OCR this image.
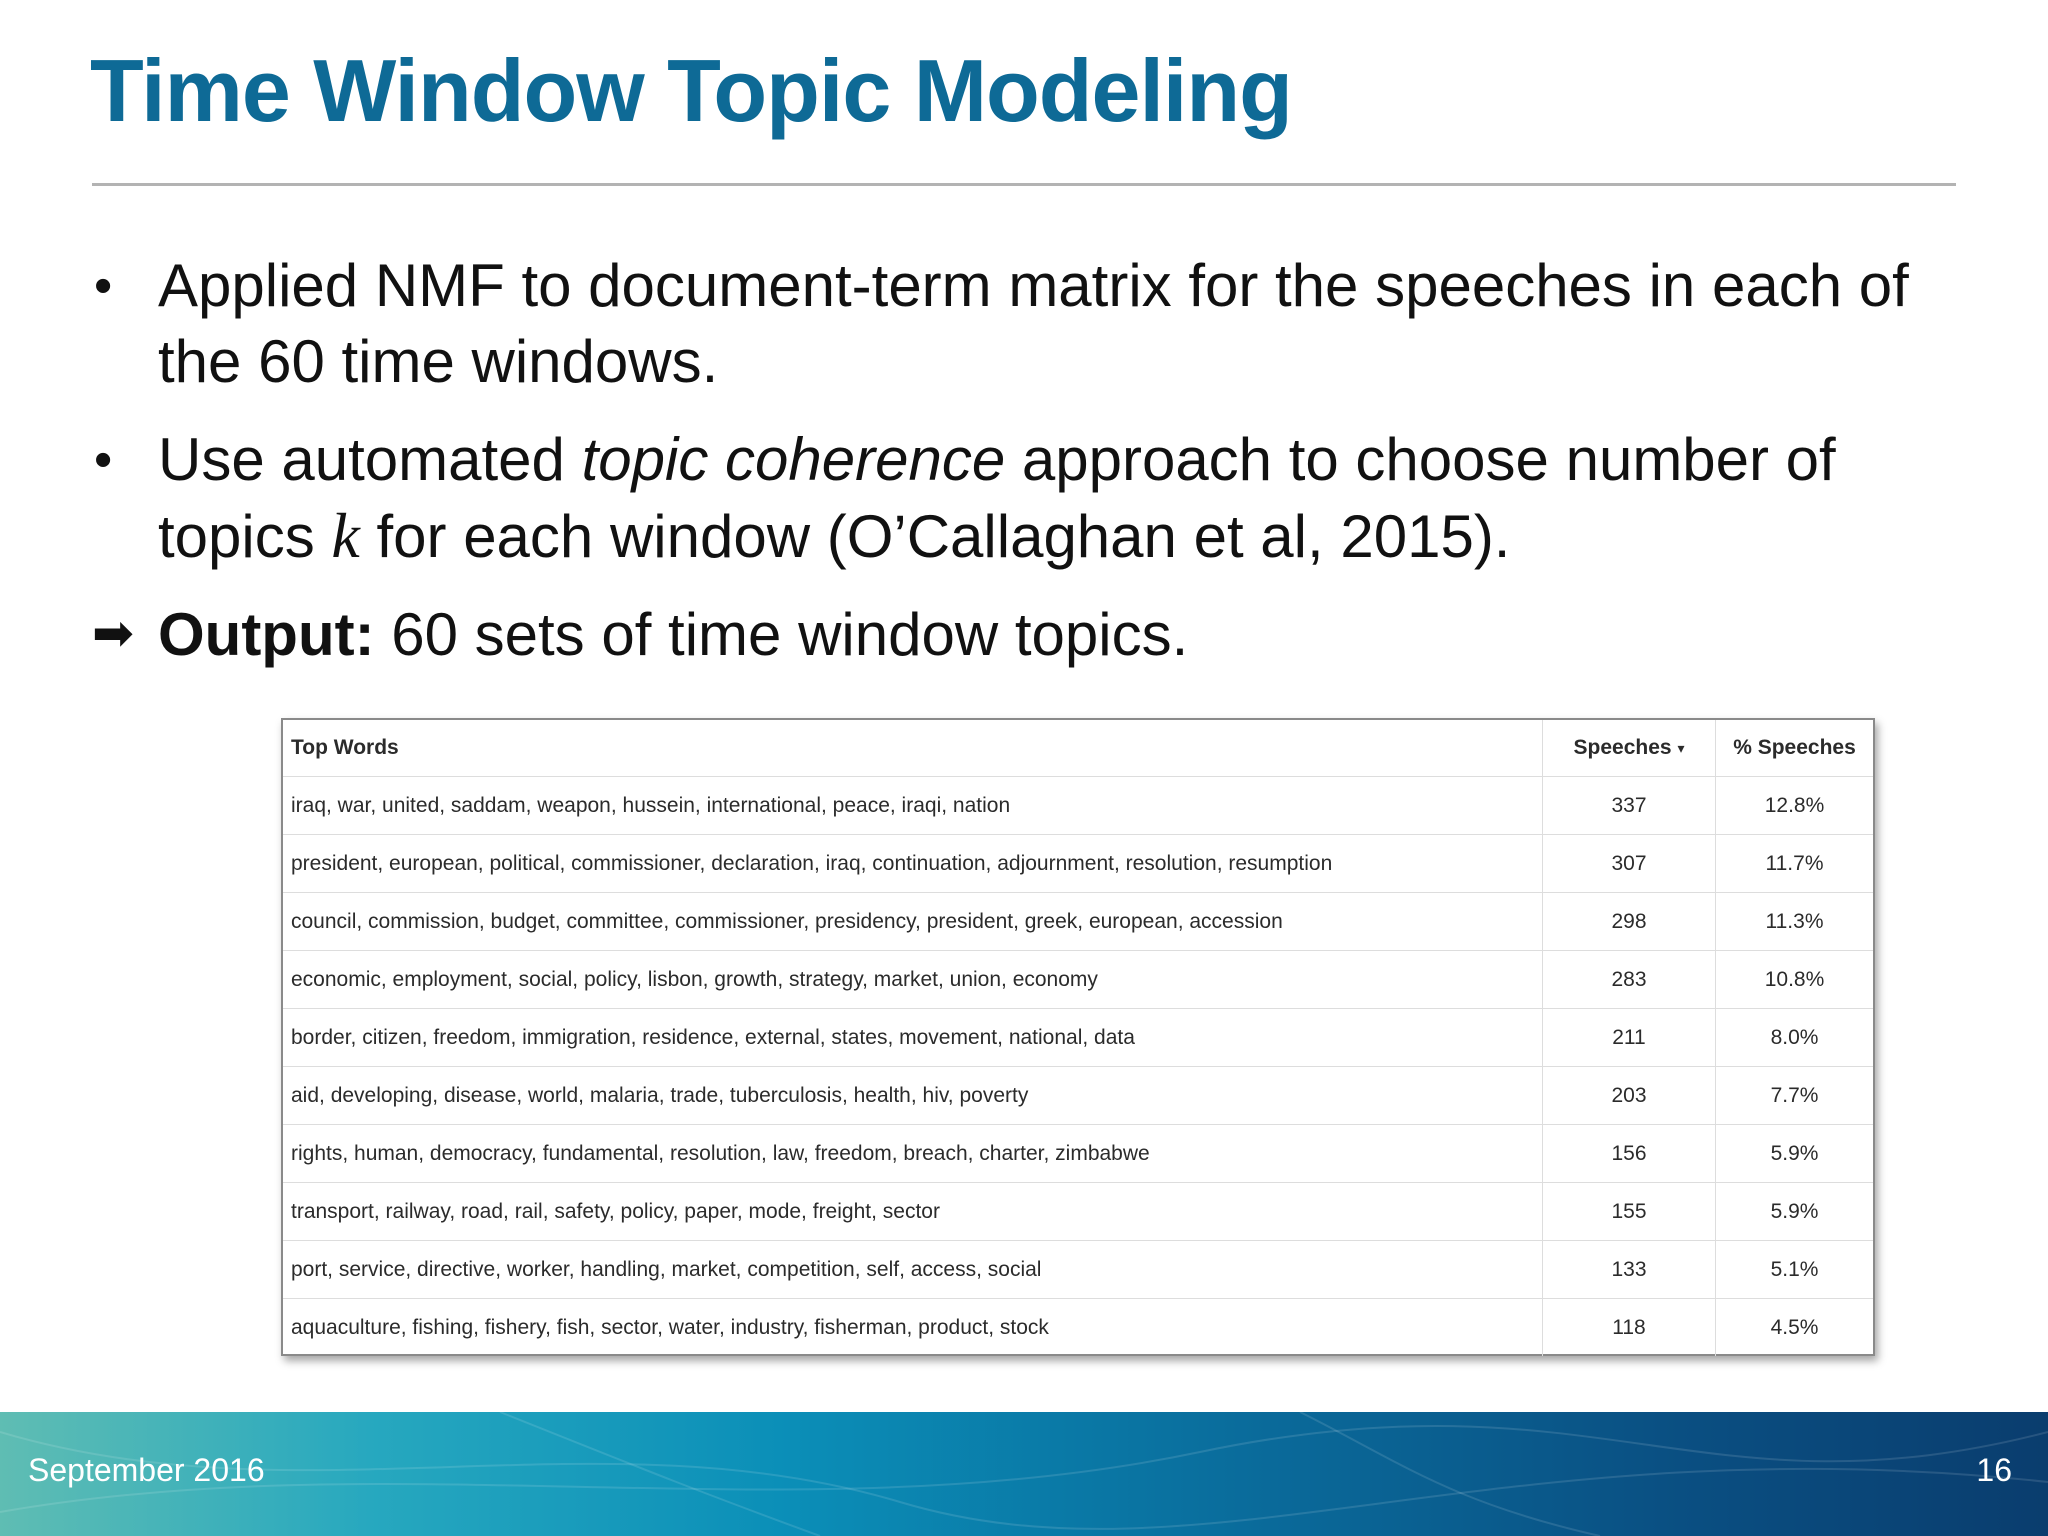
Time Window Topic Modeling
• Applied NMF to document-term matrix for the speeches in each of the 60 time windows.
• Use automated topic coherence approach to choose number of topics k for each window (O’Callaghan et al, 2015).
➡ Output: 60 sets of time window topics.
Top Words	Speeches ▾	% Speeches
iraq, war, united, saddam, weapon, hussein, international, peace, iraqi, nation	337	12.8%
president, european, political, commissioner, declaration, iraq, continuation, adjournment, resolution, resumption	307	11.7%
council, commission, budget, committee, commissioner, presidency, president, greek, european, accession	298	11.3%
economic, employment, social, policy, lisbon, growth, strategy, market, union, economy	283	10.8%
border, citizen, freedom, immigration, residence, external, states, movement, national, data	211	8.0%
aid, developing, disease, world, malaria, trade, tuberculosis, health, hiv, poverty	203	7.7%
rights, human, democracy, fundamental, resolution, law, freedom, breach, charter, zimbabwe	156	5.9%
transport, railway, road, rail, safety, policy, paper, mode, freight, sector	155	5.9%
port, service, directive, worker, handling, market, competition, self, access, social	133	5.1%
aquaculture, fishing, fishery, fish, sector, water, industry, fisherman, product, stock	118	4.5%
September 2016	16
